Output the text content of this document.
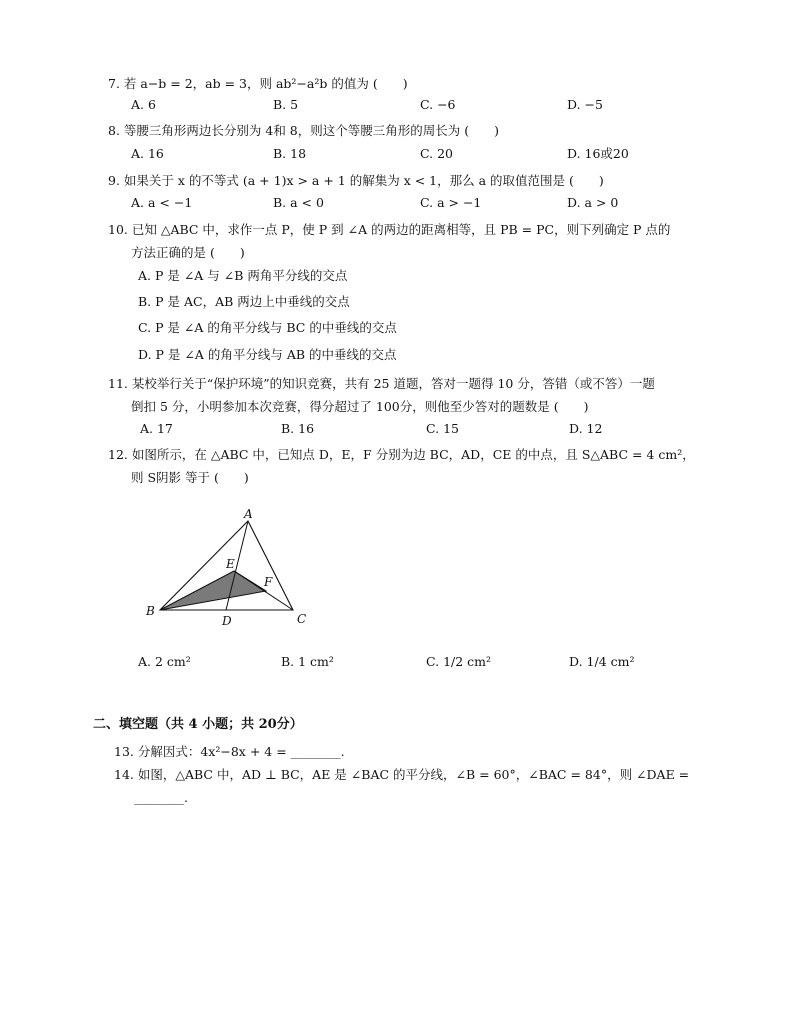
7. 若 a−b = 2，ab = 3，则 ab²−a²b 的值为 (　　)
A. 6	B. 5	C. −6	D. −5
8. 等腰三角形两边长分别为 4和 8，则这个等腰三角形的周长为 (　　)
A. 16	B. 18	C. 20	D. 16或20
9. 如果关于 x 的不等式 (a + 1)x > a + 1 的解集为 x < 1，那么 a 的取值范围是 (　　)
A. a < −1	B. a < 0	C. a > −1	D. a > 0
10. 已知 △ABC 中，求作一点 P，使 P 到 ∠A 的两边的距离相等，且 PB = PC，则下列确定 P 点的
方法正确的是 (　　)
A. P 是 ∠A 与 ∠B 两角平分线的交点
B. P 是 AC，AB 两边上中垂线的交点
C. P 是 ∠A 的角平分线与 BC 的中垂线的交点
D. P 是 ∠A 的角平分线与 AB 的中垂线的交点
11. 某校举行关于“保护环境”的知识竞赛，共有 25 道题，答对一题得 10 分，答错（或不答）一题
倒扣 5 分，小明参加本次竞赛，得分超过了 100分，则他至少答对的题数是 (　　)
A. 17	B. 16	C. 15	D. 12
12. 如图所示，在 △ABC 中，已知点 D，E，F 分别为边 BC，AD，CE 的中点，且 S△ABC = 4 cm²，
则 S阴影 等于 (　　)
A
B
C
D
E
F
A. 2 cm²	B. 1 cm²	C. 1/2 cm²	D. 1/4 cm²
二、填空题（共 4 小题；共 20分）
13. 分解因式：4x²−8x + 4 = ________.
14. 如图，△ABC 中，AD ⊥ BC，AE 是 ∠BAC 的平分线，∠B = 60°，∠BAC = 84°，则 ∠DAE =
________.
